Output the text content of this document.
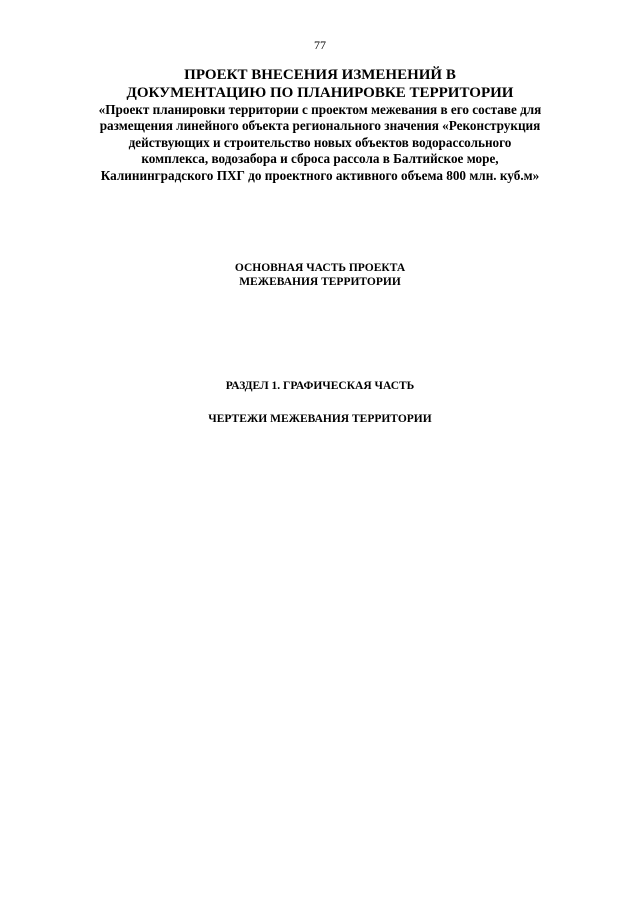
77
ПРОЕКТ ВНЕСЕНИЯ ИЗМЕНЕНИЙ В
ДОКУМЕНТАЦИЮ ПО ПЛАНИРОВКЕ ТЕРРИТОРИИ
«Проект планировки территории с проектом межевания в его составе для
размещения линейного объекта регионального значения «Реконструкция
действующих и строительство новых объектов водорассольного
комплекса, водозабора и сброса рассола в Балтийское море,
Калининградского ПХГ до проектного активного объема 800 млн. куб.м»
ОСНОВНАЯ ЧАСТЬ ПРОЕКТА
МЕЖЕВАНИЯ ТЕРРИТОРИИ
РАЗДЕЛ 1. ГРАФИЧЕСКАЯ ЧАСТЬ
ЧЕРТЕЖИ МЕЖЕВАНИЯ ТЕРРИТОРИИ
